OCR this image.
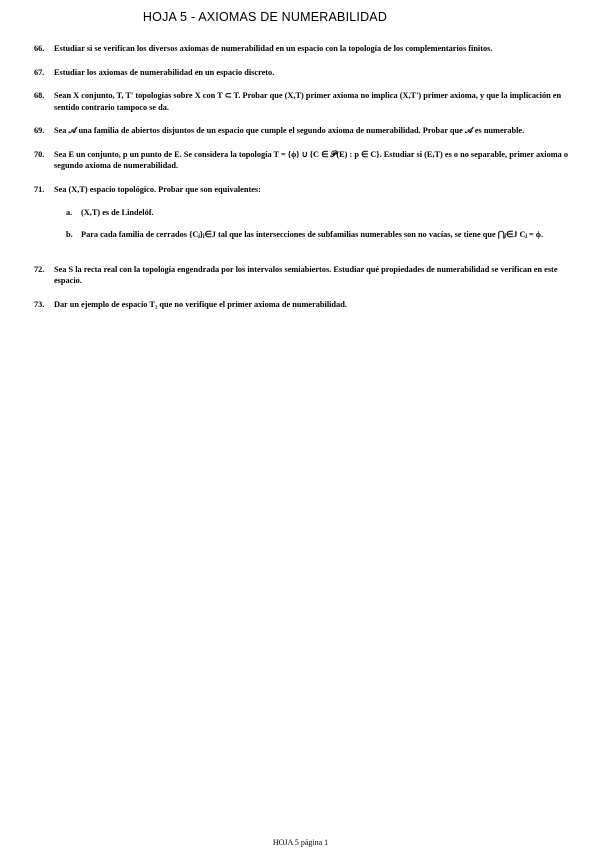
HOJA 5 - AXIOMAS DE NUMERABILIDAD
66.	Estudiar si se verifican los diversos axiomas de numerabilidad en un espacio con la topología de los complementarios finitos.
67.	Estudiar los axiomas de numerabilidad en un espacio discreto.
68.	Sean X conjunto, T, T' topologías sobre X con T ⊂ T. Probar que (X,T) primer axioma no implica (X,T') primer axioma, y que la implicación en sentido contrario tampoco se da.
69.	Sea 𝒜 una familia de abiertos disjuntos de un espacio que cumple el segundo axioma de numerabilidad. Probar que 𝒜 es numerable.
70.	Sea E un conjunto, p un punto de E. Se considera la topología T = {ϕ} ∪ {C ∈ 𝒫(E) : p ∈ C}. Estudiar si (E,T) es o no separable, primer axioma o segundo axioma de numerabilidad.
71.	Sea (X,T) espacio topológico. Probar que son equivalentes:
a.	(X,T) es de Lindelöf.
b. Para cada familia de cerrados {Cⱼ}ⱼ∈J tal que las intersecciones de subfamilias numerables son no vacías, se tiene que ⋂ⱼ∈J Cⱼ = ϕ.
72.	Sea S la recta real con la topología engendrada por los intervalos semiabiertos. Estudiar qué propiedades de numerabilidad se verifican en este espacio.
73.	Dar un ejemplo de espacio T₂ que no verifique el primer axioma de numerabilidad.
HOJA 5 página 1
